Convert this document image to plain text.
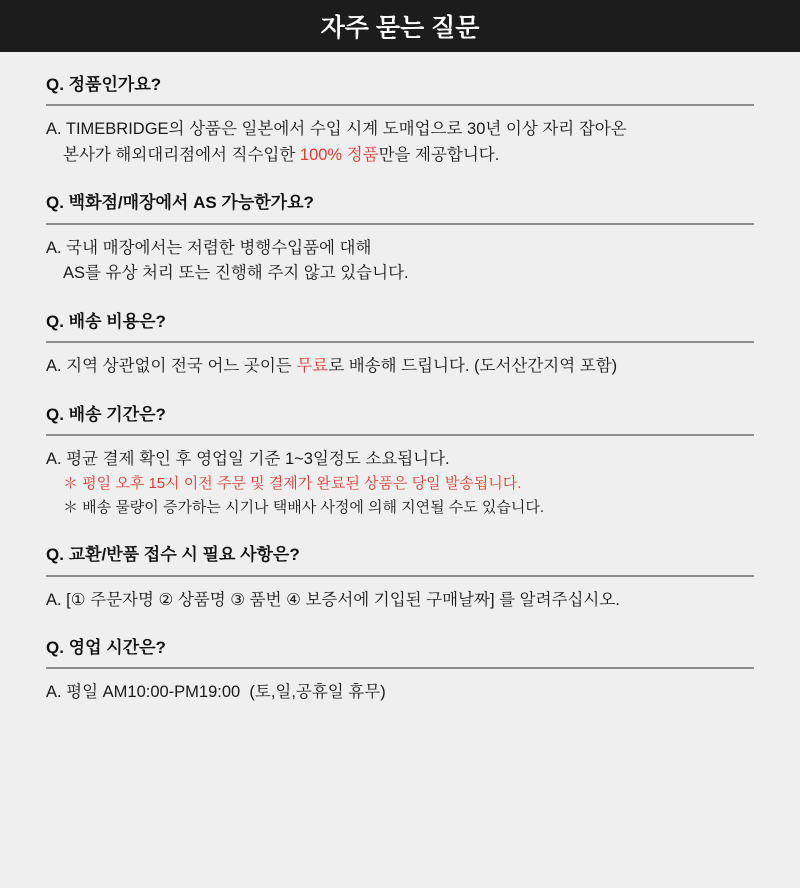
자주 묻는 질문
Q. 정품인가요?
A. TIMEBRIDGE의 상품은 일본에서 수입 시계 도매업으로 30년 이상 자리 잡아온
본사가 해외대리점에서 직수입한 100% 정품만을 제공합니다.
Q. 백화점/매장에서 AS 가능한가요?
A. 국내 매장에서는 저렴한 병행수입품에 대해
AS를 유상 처리 또는 진행해 주지 않고 있습니다.
Q. 배송 비용은?
A. 지역 상관없이 전국 어느 곳이든 무료로 배송해 드립니다. (도서산간지역 포함)
Q. 배송 기간은?
A. 평균 결제 확인 후 영업일 기준 1~3일정도 소요됩니다.
＊ 평일 오후 15시 이전 주문 및 결제가 완료된 상품은 당일 발송됩니다.
＊ 배송 물량이 증가하는 시기나 택배사 사정에 의해 지연될 수도 있습니다.
Q. 교환/반품 접수 시 필요 사항은?
A. [① 주문자명 ② 상품명 ③ 품번 ④ 보증서에 기입된 구매날짜] 를 알려주십시오.
Q. 영업 시간은?
A. 평일 AM10:00-PM19:00  (토,일,공휴일 휴무)
